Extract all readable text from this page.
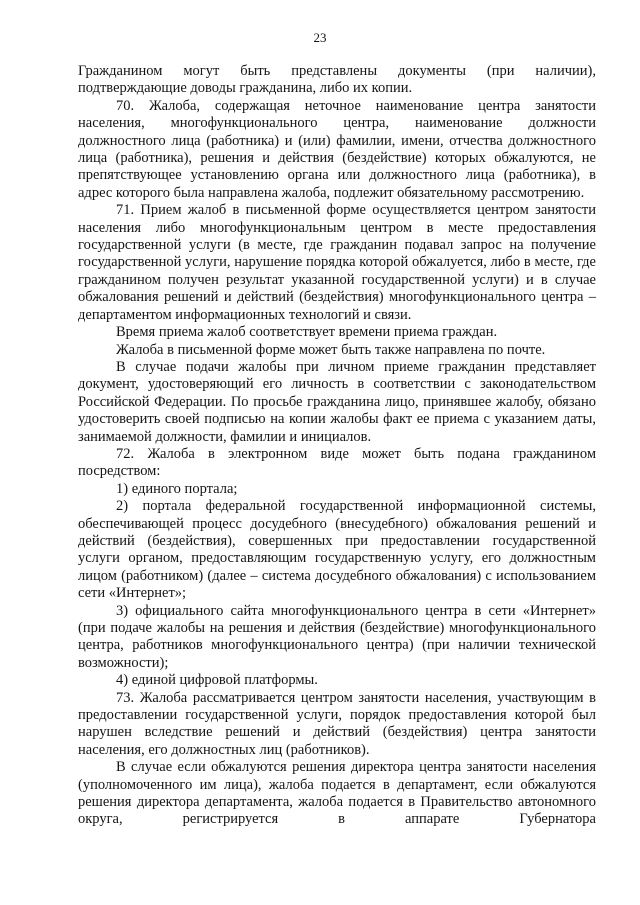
23

Гражданином могут быть представлены документы (при наличии), подтверждающие доводы гражданина, либо их копии.

70. Жалоба, содержащая неточное наименование центра занятости населения, многофункционального центра, наименование должности должностного лица (работника) и (или) фамилии, имени, отчества должностного лица (работника), решения и действия (бездействие) которых обжалуются, не препятствующее установлению органа или должностного лица (работника), в адрес которого была направлена жалоба, подлежит обязательному рассмотрению.

71. Прием жалоб в письменной форме осуществляется центром занятости населения либо многофункциональным центром в месте предоставления государственной услуги (в месте, где гражданин подавал запрос на получение государственной услуги, нарушение порядка которой обжалуется, либо в месте, где гражданином получен результат указанной государственной услуги) и в случае обжалования решений и действий (бездействия) многофункционального центра – департаментом информационных технологий и связи.

Время приема жалоб соответствует времени приема граждан.

Жалоба в письменной форме может быть также направлена по почте.

В случае подачи жалобы при личном приеме гражданин представляет документ, удостоверяющий его личность в соответствии с законодательством Российской Федерации. По просьбе гражданина лицо, принявшее жалобу, обязано удостоверить своей подписью на копии жалобы факт ее приема с указанием даты, занимаемой должности, фамилии и инициалов.

72. Жалоба в электронном виде может быть подана гражданином посредством:

1) единого портала;

2) портала федеральной государственной информационной системы, обеспечивающей процесс досудебного (внесудебного) обжалования решений и действий (бездействия), совершенных при предоставлении государственной услуги органом, предоставляющим государственную услугу, его должностным лицом (работником) (далее – система досудебного обжалования) с использованием сети «Интернет»;

3) официального сайта многофункционального центра в сети «Интернет» (при подаче жалобы на решения и действия (бездействие) многофункционального центра, работников многофункционального центра) (при наличии технической возможности);

4) единой цифровой платформы.

73. Жалоба рассматривается центром занятости населения, участвующим в предоставлении государственной услуги, порядок предоставления которой был нарушен вследствие решений и действий (бездействия) центра занятости населения, его должностных лиц (работников).

В случае если обжалуются решения директора центра занятости населения (уполномоченного им лица), жалоба подается в департамент, если обжалуются решения директора департамента, жалоба подается в Правительство автономного округа, регистрируется в аппарате Губернатора
